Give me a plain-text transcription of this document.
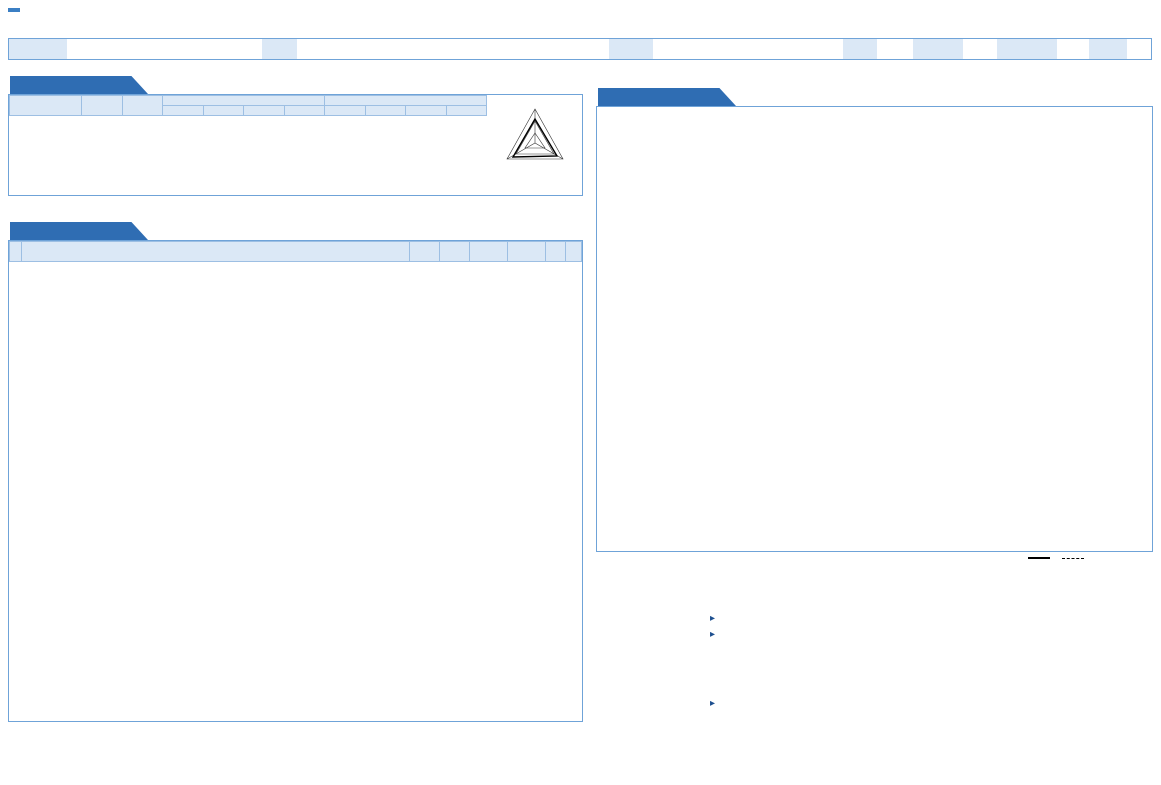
▸
▸
▸
